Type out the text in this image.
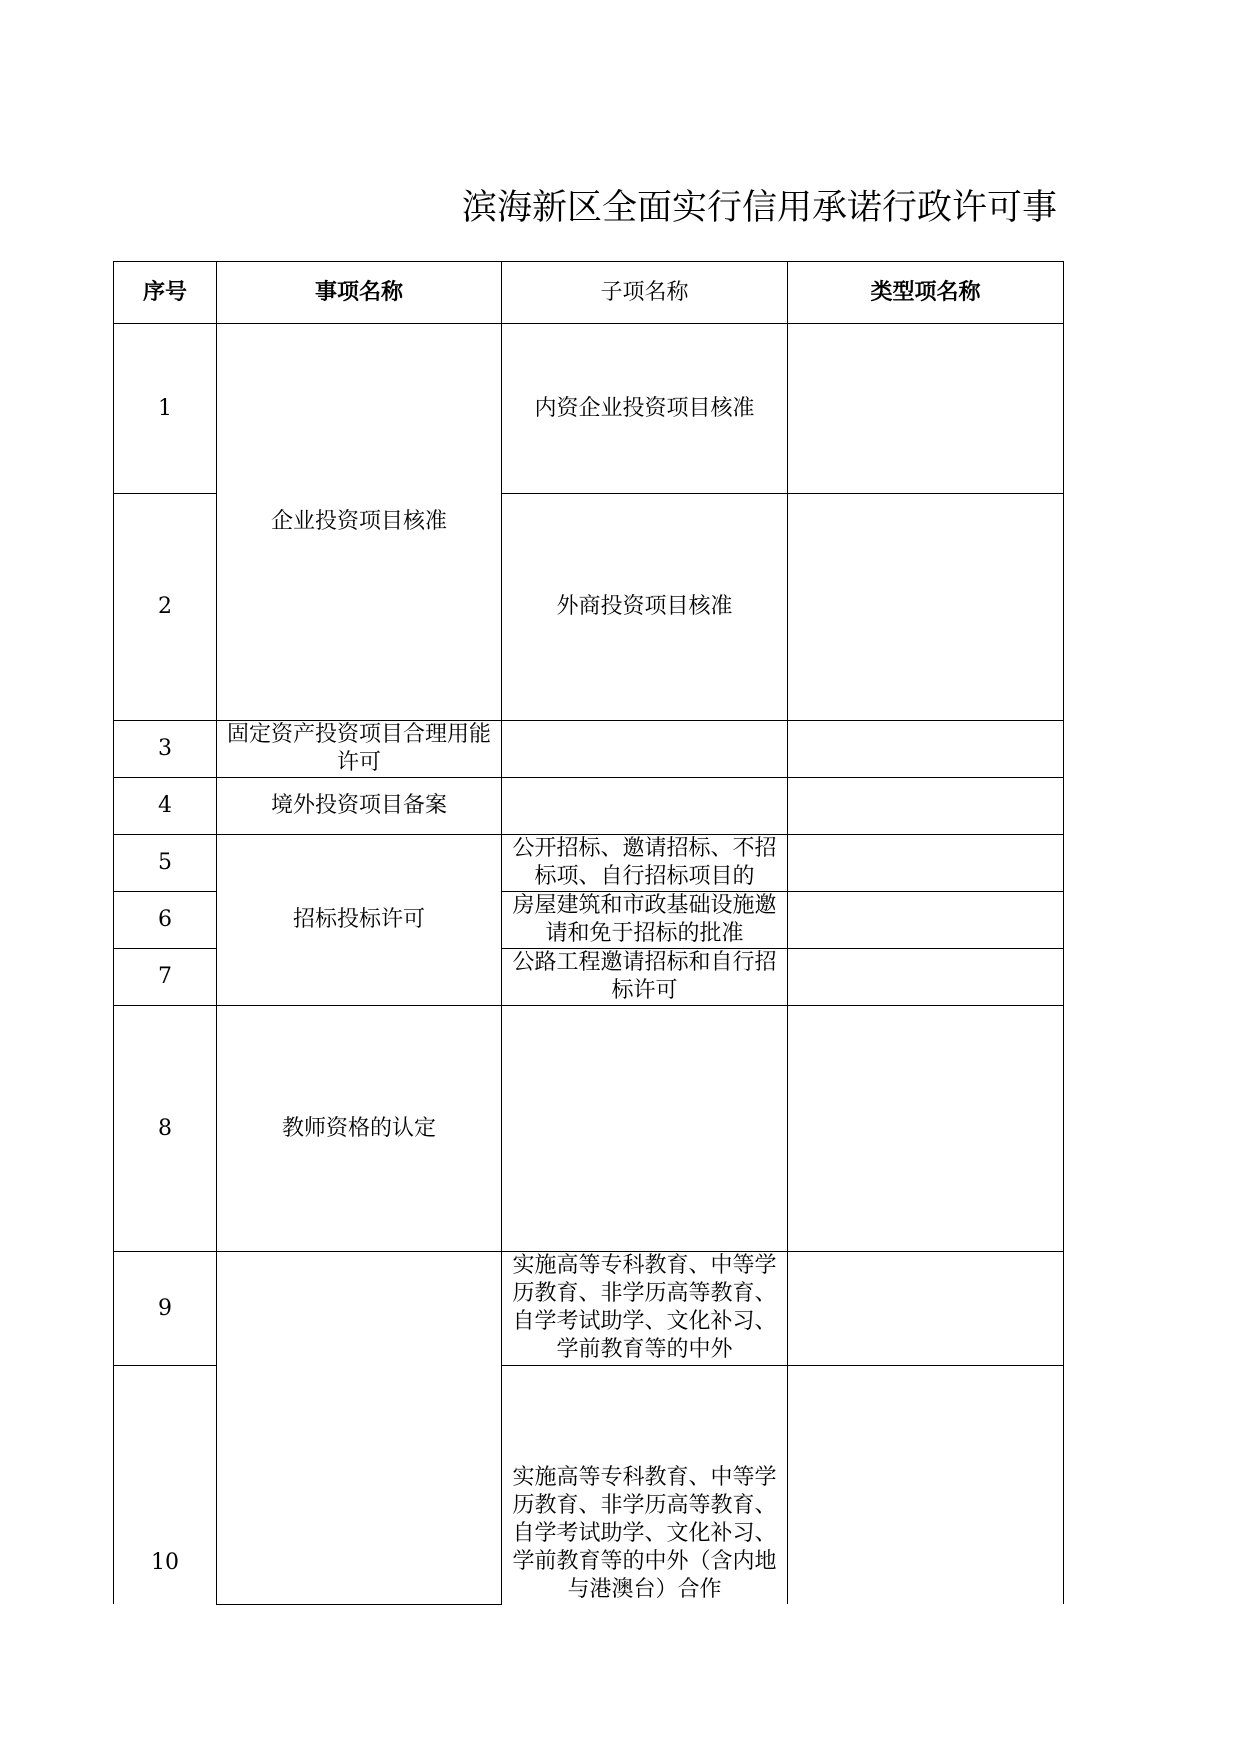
滨海新区全面实行信用承诺行政许可事
序号	事项名称	子项名称	类型项名称
1	企业投资项目核准	内资企业投资项目核准	
2		外商投资项目核准	
3	固定资产投资项目合理用能许可		

4	境外投资项目备案		
5	招标投标许可	公开招标、邀请招标、不招标项、自行招标项目的	

6		房屋建筑和市政基础设施邀请和免于招标的批准	

7		公路工程邀请招标和自行招标许可	

8	教师资格的认定		
9		实施高等专科教育、中等学历教育、非学历高等教育、自学考试助学、文化补习、学前教育等的中外	

10		实施高等专科教育、中等学历教育、非学历高等教育、自学考试助学、文化补习、学前教育等的中外（含内地与港澳台）合作	
